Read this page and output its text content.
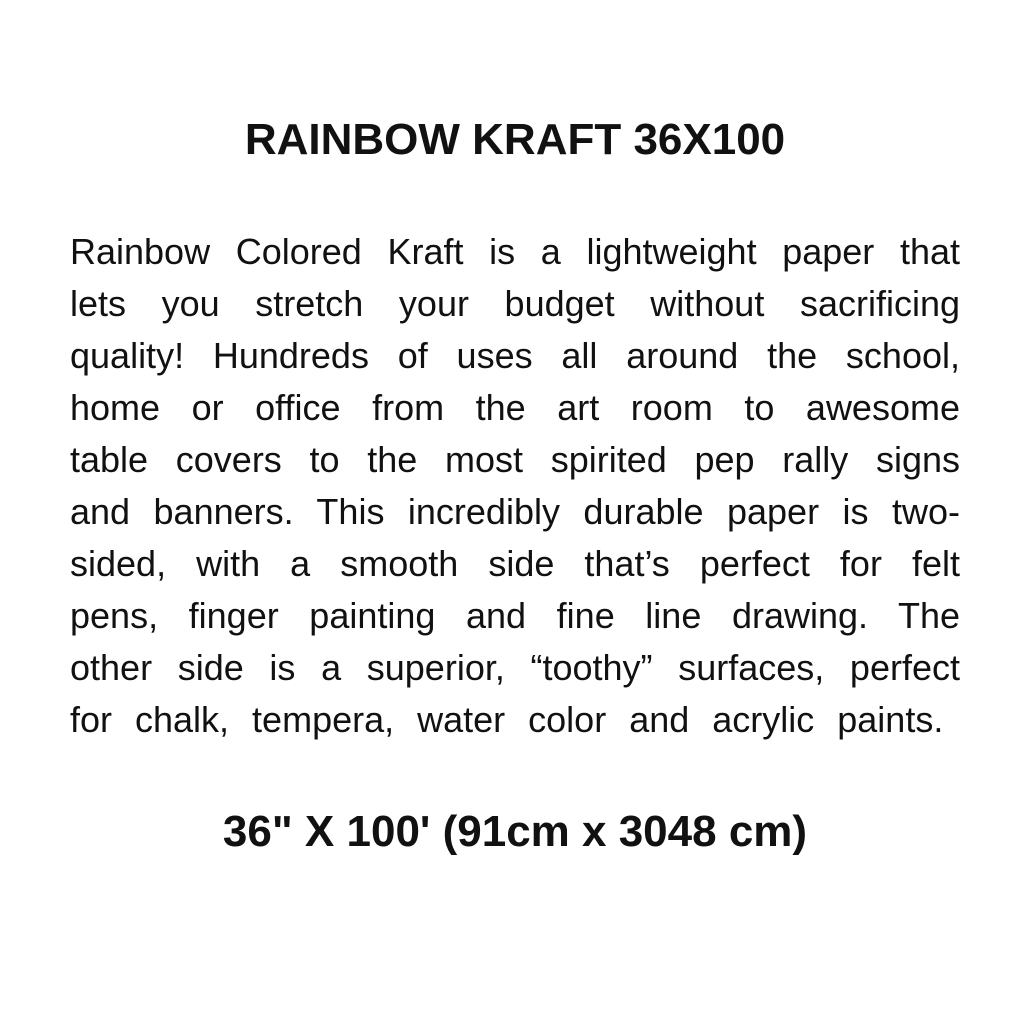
RAINBOW KRAFT 36X100
Rainbow Colored Kraft is a lightweight paper that
lets you stretch your budget without sacrificing
quality! Hundreds of uses all around the school,
home or office from the art room to awesome
table covers to the most spirited pep rally signs
and banners. This incredibly durable paper is two-
sided, with a smooth side that’s perfect for felt
pens, finger painting and fine line drawing. The
other side is a superior, “toothy” surfaces, perfect
for chalk, tempera, water color and acrylic paints.
36" X 100' (91cm x 3048 cm)
